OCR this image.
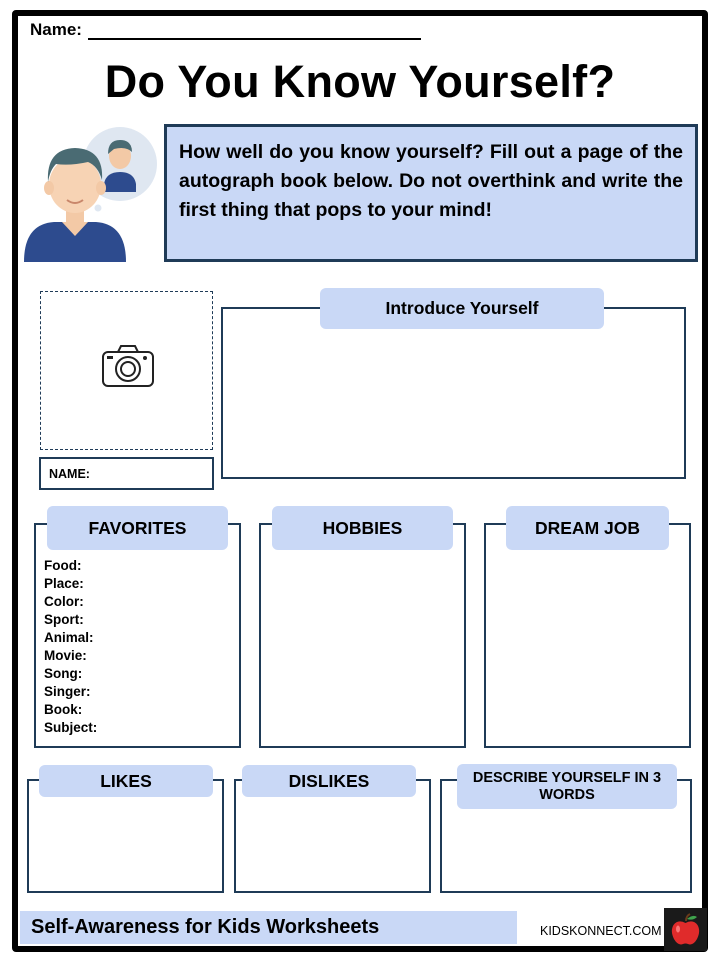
Name:
Do You Know Yourself?
How well do you know yourself? Fill out a page of the autograph book below. Do not overthink and write the first thing that pops to your mind!
NAME:
Introduce Yourself
FAVORITES
Food:
Place:
Color:
Sport:
Animal:
Movie:
Song:
Singer:
Book:
Subject:
HOBBIES	DREAM JOB
LIKES	DISLIKES	DESCRIBE YOURSELF IN 3 WORDS
Self-Awareness for Kids Worksheets	KIDSKONNECT.COM
